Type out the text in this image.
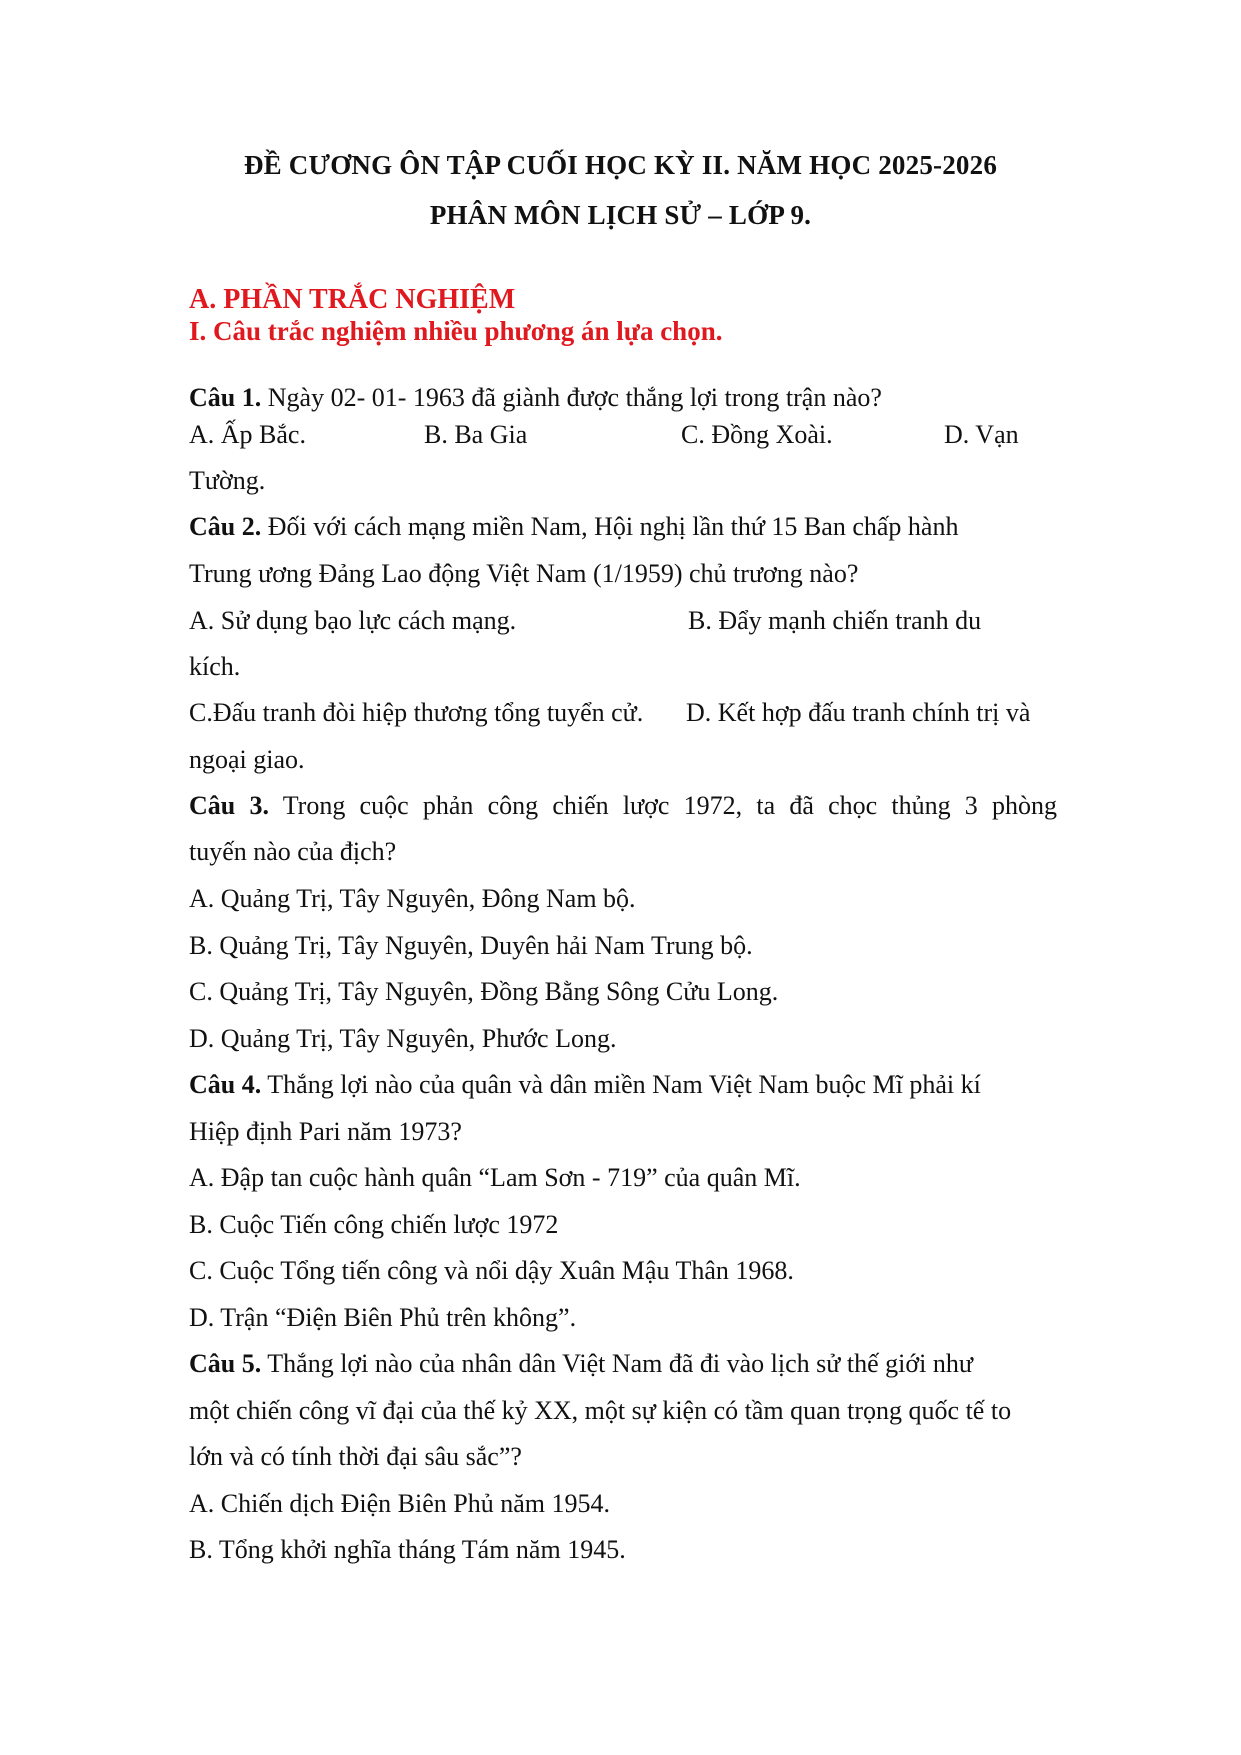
ĐỀ CƯƠNG ÔN TẬP CUỐI HỌC KỲ II. NĂM HỌC 2025-2026
PHÂN MÔN LỊCH SỬ – LỚP 9.
A. PHẦN TRẮC NGHIỆM
I. Câu trắc nghiệm nhiều phương án lựa chọn.
Câu 1. Ngày 02- 01- 1963 đã giành được thắng lợi trong trận nào?
A. Ấp Bắc.	B. Ba Gia	C. Đồng Xoài.	D. Vạn
Tường.
Câu 2. Đối với cách mạng miền Nam, Hội nghị lần thứ 15 Ban chấp hành
Trung ương Đảng Lao động Việt Nam (1/1959) chủ trương nào?
A. Sử dụng bạo lực cách mạng.	B. Đẩy mạnh chiến tranh du
kích.
C.Đấu tranh đòi hiệp thương tổng tuyển cử. D. Kết hợp đấu tranh chính trị và
ngoại giao.
Câu 3. Trong cuộc phản công chiến lược 1972, ta đã chọc thủng 3 phòng
tuyến nào của địch?
A. Quảng Trị, Tây Nguyên, Đông Nam bộ.
B. Quảng Trị, Tây Nguyên, Duyên hải Nam Trung bộ.
C. Quảng Trị, Tây Nguyên, Đồng Bằng Sông Cửu Long.
D. Quảng Trị, Tây Nguyên, Phước Long.
Câu 4. Thắng lợi nào của quân và dân miền Nam Việt Nam buộc Mĩ phải kí
Hiệp định Pari năm 1973?
A. Đập tan cuộc hành quân “Lam Sơn - 719” của quân Mĩ.
B. Cuộc Tiến công chiến lược 1972
C. Cuộc Tổng tiến công và nổi dậy Xuân Mậu Thân 1968.
D. Trận “Điện Biên Phủ trên không”.
Câu 5. Thắng lợi nào của nhân dân Việt Nam đã đi vào lịch sử thế giới như
một chiến công vĩ đại của thế kỷ XX, một sự kiện có tầm quan trọng quốc tế to
lớn và có tính thời đại sâu sắc”?
A. Chiến dịch Điện Biên Phủ năm 1954.
B. Tổng khởi nghĩa tháng Tám năm 1945.
